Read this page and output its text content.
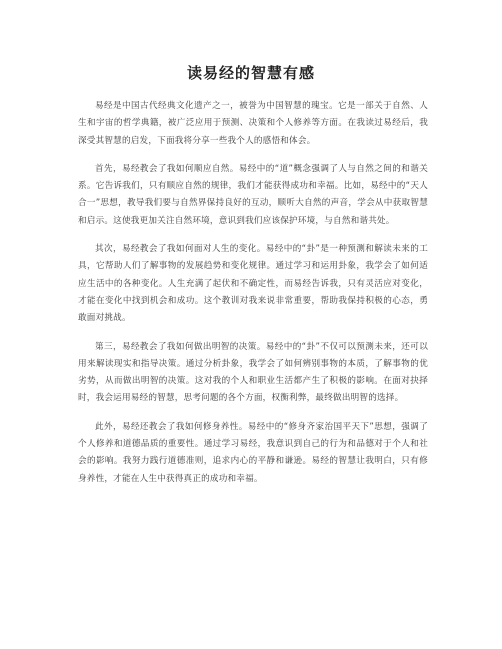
读易经的智慧有感

易经是中国古代经典文化遗产之一，被誉为中国智慧的瑰宝。它是一部关于自然、人生和宇宙的哲学典籍，被广泛应用于预测、决策和个人修养等方面。在我读过易经后，我深受其智慧的启发，下面我将分享一些我个人的感悟和体会。

首先，易经教会了我如何顺应自然。易经中的“道”概念强调了人与自然之间的和谐关系。它告诉我们，只有顺应自然的规律，我们才能获得成功和幸福。比如，易经中的“天人合一”思想，教导我们要与自然界保持良好的互动，顺听大自然的声音，学会从中获取智慧和启示。这使我更加关注自然环境，意识到我们应该保护环境，与自然和谐共处。

其次，易经教会了我如何面对人生的变化。易经中的“卦”是一种预测和解读未来的工具，它帮助人们了解事物的发展趋势和变化规律。通过学习和运用卦象，我学会了如何适应生活中的各种变化。人生充满了起伏和不确定性，而易经告诉我，只有灵活应对变化，才能在变化中找到机会和成功。这个教训对我来说非常重要，帮助我保持积极的心态，勇敢面对挑战。

第三，易经教会了我如何做出明智的决策。易经中的“卦”不仅可以预测未来，还可以用来解读现实和指导决策。通过分析卦象，我学会了如何辨别事物的本质，了解事物的优劣势，从而做出明智的决策。这对我的个人和职业生活都产生了积极的影响。在面对抉择时，我会运用易经的智慧，思考问题的各个方面，权衡利弊，最终做出明智的选择。

此外，易经还教会了我如何修身养性。易经中的“修身齐家治国平天下”思想，强调了个人修养和道德品质的重要性。通过学习易经，我意识到自己的行为和品德对于个人和社会的影响。我努力践行道德准则，追求内心的平静和谦逊。易经的智慧让我明白，只有修身养性，才能在人生中获得真正的成功和幸福。
